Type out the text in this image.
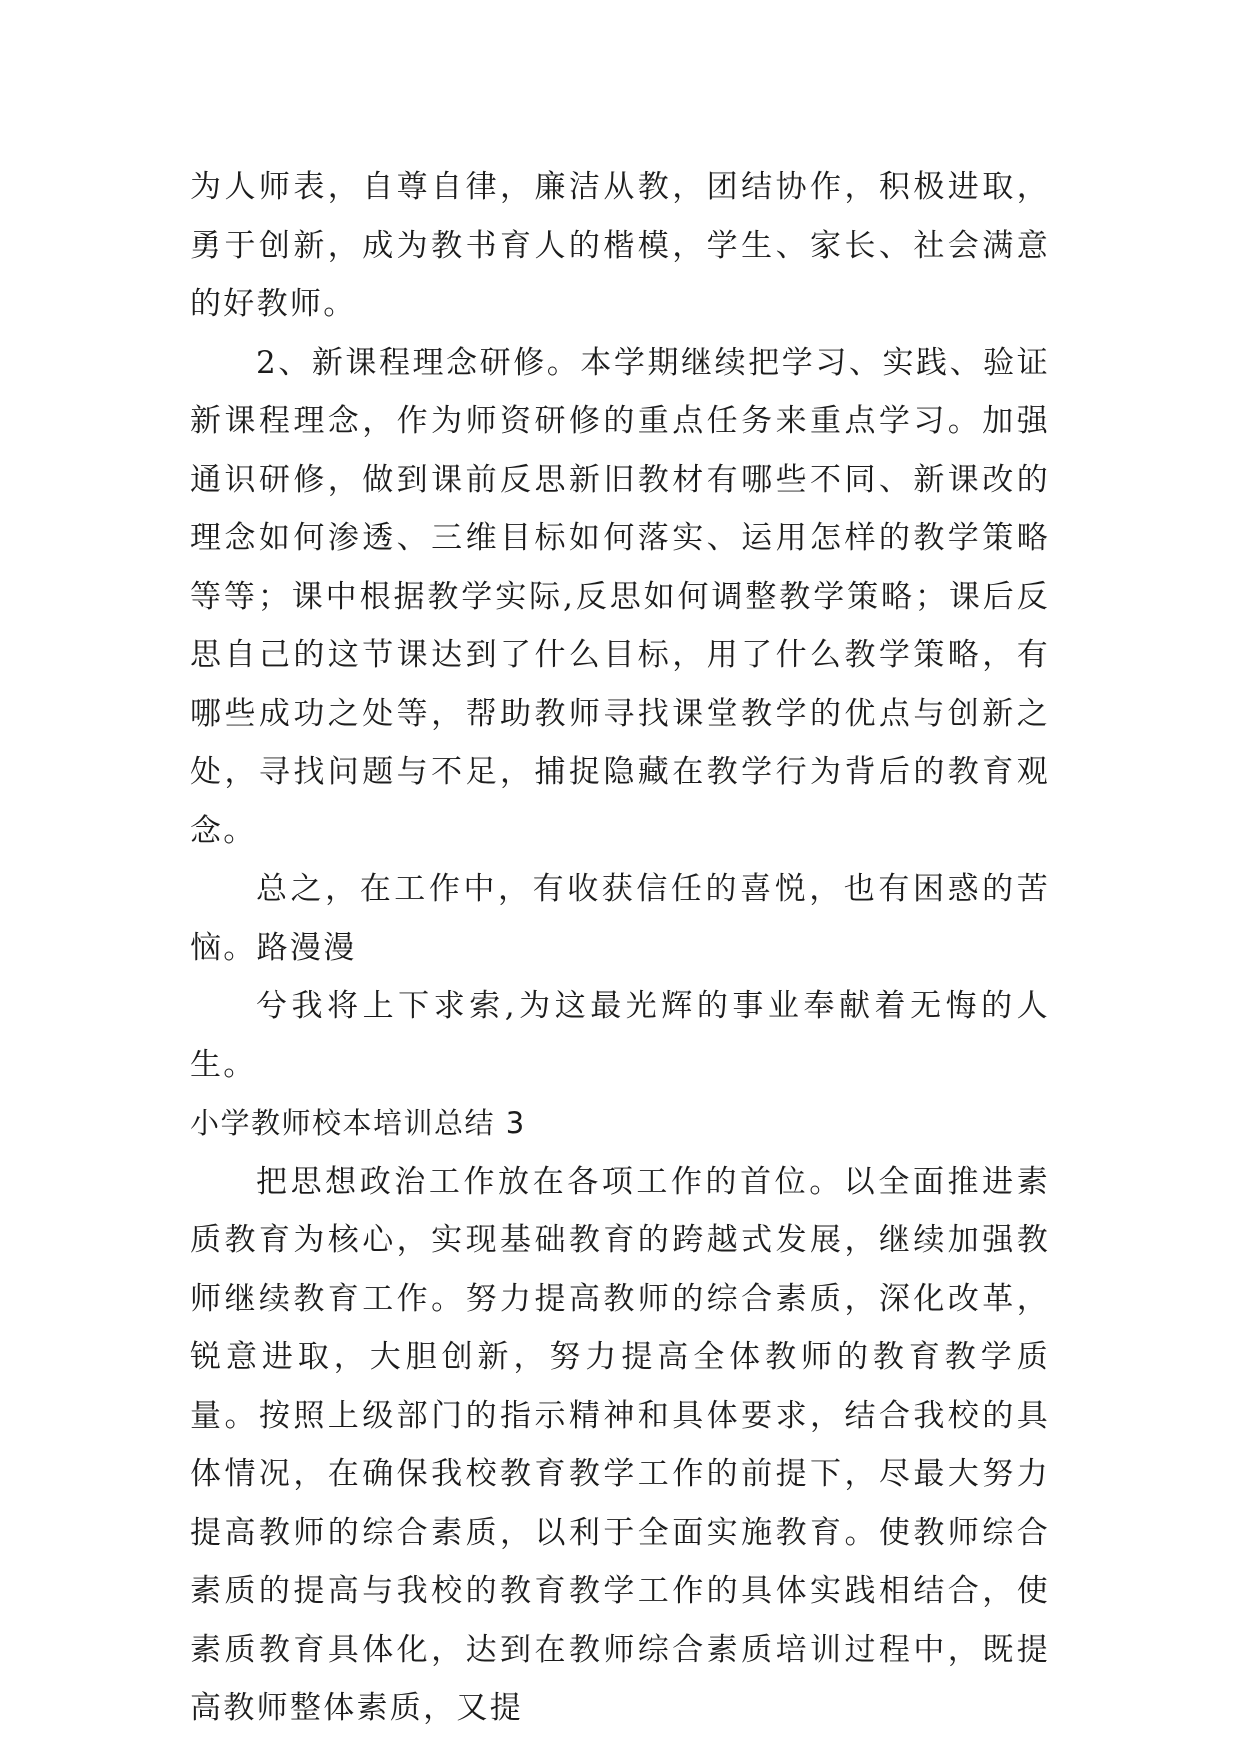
为人师表，自尊自律，廉洁从教，团结协作，积极进取，勇于创新，成为教书育人的楷模，学生、家长、社会满意的好教师。

2、新课程理念研修。本学期继续把学习、实践、验证新课程理念，作为师资研修的重点任务来重点学习。加强通识研修，做到课前反思新旧教材有哪些不同、新课改的理念如何渗透、三维目标如何落实、运用怎样的教学策略等等；课中根据教学实际,反思如何调整教学策略；课后反思自己的这节课达到了什么目标，用了什么教学策略，有哪些成功之处等，帮助教师寻找课堂教学的优点与创新之处，寻找问题与不足，捕捉隐藏在教学行为背后的教育观念。

总之，在工作中，有收获信任的喜悦，也有困惑的苦恼。路漫漫

兮我将上下求索,为这最光辉的事业奉献着无悔的人生。

小学教师校本培训总结 3

把思想政治工作放在各项工作的首位。以全面推进素质教育为核心，实现基础教育的跨越式发展，继续加强教师继续教育工作。努力提高教师的综合素质，深化改革，锐意进取，大胆创新，努力提高全体教师的教育教学质量。按照上级部门的指示精神和具体要求，结合我校的具体情况，在确保我校教育教学工作的前提下，尽最大努力提高教师的综合素质，以利于全面实施教育。使教师综合素质的提高与我校的教育教学工作的具体实践相结合，使素质教育具体化，达到在教师综合素质培训过程中，既提高教师整体素质，又提
